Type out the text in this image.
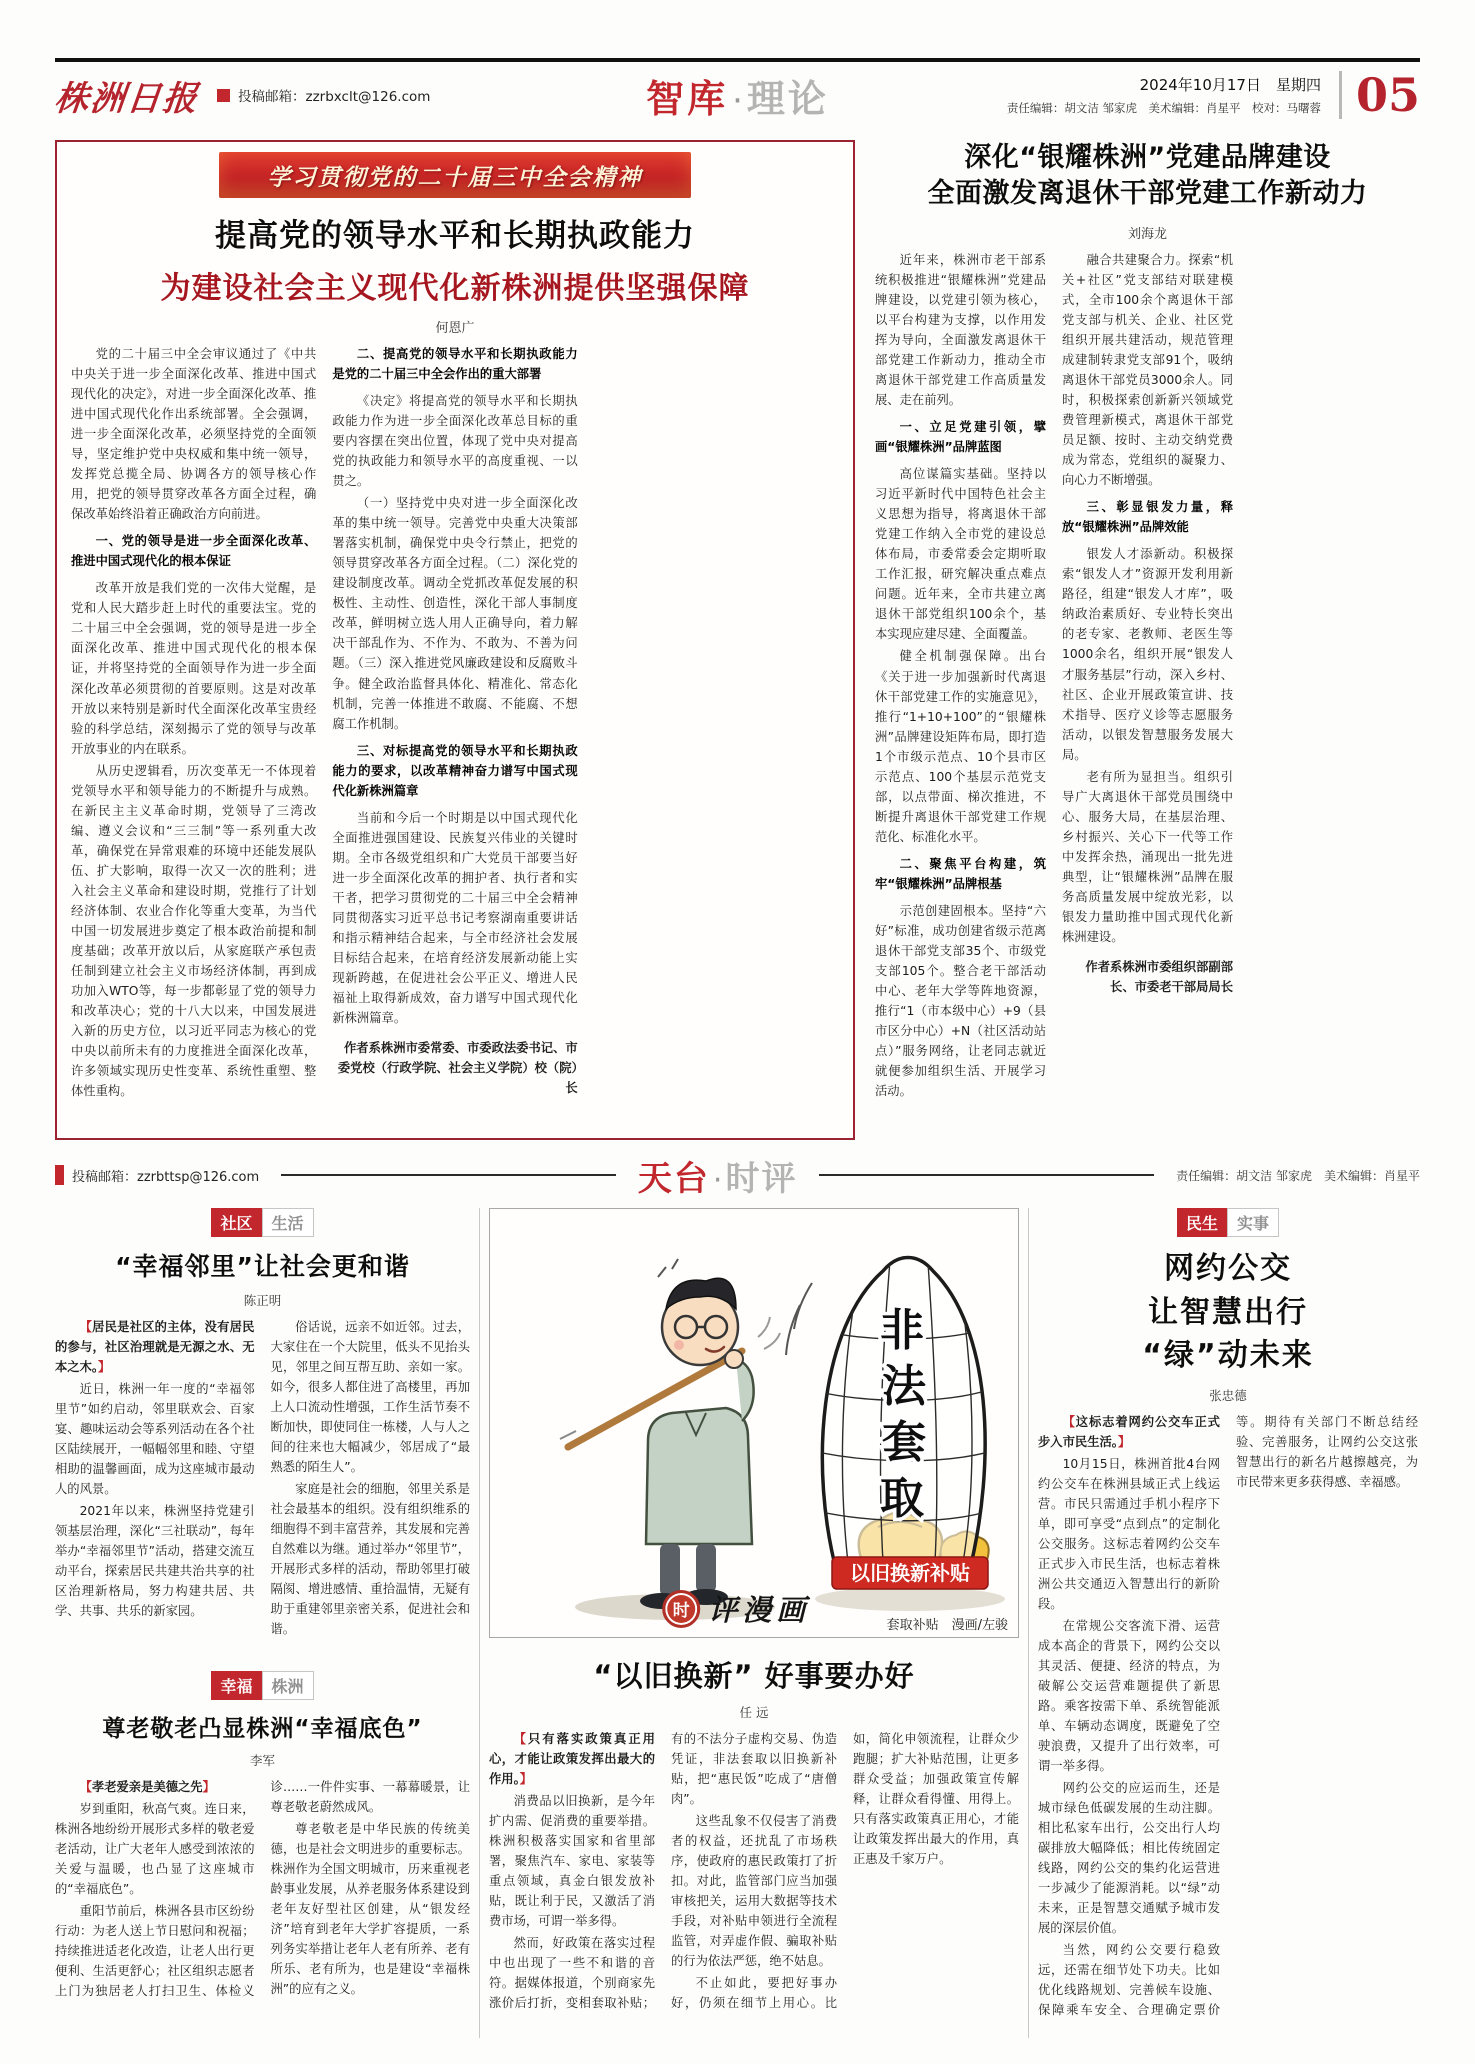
株洲日报	投稿邮箱：zzrbxclt@126.com	智库 · 理论	2024年10月17日　星期四
责任编辑：胡文洁 邹家虎　美术编辑：肖星平　校对：马曙蓉 05
学习贯彻党的二十届三中全会精神
提高党的领导水平和长期执政能力
为建设社会主义现代化新株洲提供坚强保障
何恩广

党的二十届三中全会审议通过了《中共中央关于进一步全面深化改革、推进中国式现代化的决定》，对进一步全面深化改革、推进中国式现代化作出系统部署。全会强调，进一步全面深化改革，必须坚持党的全面领导，坚定维护党中央权威和集中统一领导，发挥党总揽全局、协调各方的领导核心作用，把党的领导贯穿改革各方面全过程，确保改革始终沿着正确政治方向前进。

一、党的领导是进一步全面深化改革、推进中国式现代化的根本保证

改革开放是我们党的一次伟大觉醒，是党和人民大踏步赶上时代的重要法宝。党的二十届三中全会强调，党的领导是进一步全面深化改革、推进中国式现代化的根本保证，并将坚持党的全面领导作为进一步全面深化改革必须贯彻的首要原则。这是对改革开放以来特别是新时代全面深化改革宝贵经验的科学总结，深刻揭示了党的领导与改革开放事业的内在联系。

从历史逻辑看，历次变革无一不体现着党领导水平和领导能力的不断提升与成熟。在新民主主义革命时期，党领导了三湾改编、遵义会议和“三三制”等一系列重大改革，确保党在异常艰难的环境中还能发展队伍、扩大影响，取得一次又一次的胜利；进入社会主义革命和建设时期，党推行了计划经济体制、农业合作化等重大变革，为当代中国一切发展进步奠定了根本政治前提和制度基础；改革开放以后，从家庭联产承包责任制到建立社会主义市场经济体制，再到成功加入WTO等，每一步都彰显了党的领导力和改革决心；党的十八大以来，中国发展进入新的历史方位，以习近平同志为核心的党中央以前所未有的力度推进全面深化改革，许多领域实现历史性变革、系统性重塑、整体性重构。

二、提高党的领导水平和长期执政能力是党的二十届三中全会作出的重大部署

《决定》将提高党的领导水平和长期执政能力作为进一步全面深化改革总目标的重要内容摆在突出位置，体现了党中央对提高党的执政能力和领导水平的高度重视、一以贯之。

（一）坚持党中央对进一步全面深化改革的集中统一领导。完善党中央重大决策部署落实机制，确保党中央令行禁止，把党的领导贯穿改革各方面全过程。（二）深化党的建设制度改革。调动全党抓改革促发展的积极性、主动性、创造性，深化干部人事制度改革，鲜明树立选人用人正确导向，着力解决干部乱作为、不作为、不敢为、不善为问题。（三）深入推进党风廉政建设和反腐败斗争。健全政治监督具体化、精准化、常态化机制，完善一体推进不敢腐、不能腐、不想腐工作机制。

三、对标提高党的领导水平和长期执政能力的要求，以改革精神奋力谱写中国式现代化新株洲篇章

当前和今后一个时期是以中国式现代化全面推进强国建设、民族复兴伟业的关键时期。全市各级党组织和广大党员干部要当好进一步全面深化改革的拥护者、执行者和实干者，把学习贯彻党的二十届三中全会精神同贯彻落实习近平总书记考察湖南重要讲话和指示精神结合起来，与全市经济社会发展目标结合起来，在培育经济发展新动能上实现新跨越，在促进社会公平正义、增进人民福祉上取得新成效，奋力谱写中国式现代化新株洲篇章。

作者系株洲市委常委、市委政法委书记、市委党校（行政学院、社会主义学院）校（院）长

深化“银耀株洲”党建品牌建设
全面激发离退休干部党建工作新动力
刘海龙

近年来，株洲市老干部系统积极推进“银耀株洲”党建品牌建设，以党建引领为核心，以平台构建为支撑，以作用发挥为导向，全面激发离退休干部党建工作新动力，推动全市离退休干部党建工作高质量发展、走在前列。

一、立足党建引领，擘画“银耀株洲”品牌蓝图

高位谋篇实基础。坚持以习近平新时代中国特色社会主义思想为指导，将离退休干部党建工作纳入全市党的建设总体布局，市委常委会定期听取工作汇报，研究解决重点难点问题。近年来，全市共建立离退休干部党组织100余个，基本实现应建尽建、全面覆盖。

健全机制强保障。出台《关于进一步加强新时代离退休干部党建工作的实施意见》，推行“1+10+100”的“银耀株洲”品牌建设矩阵布局，即打造1个市级示范点、10个县市区示范点、100个基层示范党支部，以点带面、梯次推进，不断提升离退休干部党建工作规范化、标准化水平。

二、聚焦平台构建，筑牢“银耀株洲”品牌根基

示范创建固根本。坚持“六好”标准，成功创建省级示范离退休干部党支部35个、市级党支部105个。整合老干部活动中心、老年大学等阵地资源，推行“1（市本级中心）+9（县市区分中心）+N（社区活动站点）”服务网络，让老同志就近就便参加组织生活、开展学习活动。

融合共建聚合力。探索“机关+社区”党支部结对联建模式，全市100余个离退休干部党支部与机关、企业、社区党组织开展共建活动，规范管理成建制转隶党支部91个，吸纳离退休干部党员3000余人。同时，积极探索创新新兴领域党费管理新模式，离退休干部党员足额、按时、主动交纳党费成为常态，党组织的凝聚力、向心力不断增强。

三、彰显银发力量，释放“银耀株洲”品牌效能

银发人才添新动。积极探索“银发人才”资源开发利用新路径，组建“银发人才库”，吸纳政治素质好、专业特长突出的老专家、老教师、老医生等1000余名，组织开展“银发人才服务基层”行动，深入乡村、社区、企业开展政策宣讲、技术指导、医疗义诊等志愿服务活动，以银发智慧服务发展大局。

老有所为显担当。组织引导广大离退休干部党员围绕中心、服务大局，在基层治理、乡村振兴、关心下一代等工作中发挥余热，涌现出一批先进典型，让“银耀株洲”品牌在服务高质量发展中绽放光彩，以银发力量助推中国式现代化新株洲建设。

作者系株洲市委组织部副部长、市委老干部局局长

投稿邮箱：zzrbttsp@126.com	天台 ·时评	责任编辑：胡文洁 邹家虎　美术编辑：肖星平
社区 生活
“幸福邻里”让社会更和谐
陈正明

【 居民是社区的主体，没有居民的参与，社区治理就是无源之水、无本之木。 】

近日，株洲一年一度的“幸福邻里节”如约启动，邻里联欢会、百家宴、趣味运动会等系列活动在各个社区陆续展开，一幅幅邻里和睦、守望相助的温馨画面，成为这座城市最动人的风景。

2021年以来，株洲坚持党建引领基层治理，深化“三社联动”，每年举办“幸福邻里节”活动，搭建交流互动平台，探索居民共建共治共享的社区治理新格局，努力构建共居、共学、共事、共乐的新家园。

俗话说，远亲不如近邻。过去，大家住在一个大院里，低头不见抬头见，邻里之间互帮互助、亲如一家。如今，很多人都住进了高楼里，再加上人口流动性增强，工作生活节奏不断加快，即使同住一栋楼，人与人之间的往来也大幅减少，邻居成了“最熟悉的陌生人”。

家庭是社会的细胞，邻里关系是社会最基本的组织。没有组织维系的细胞得不到丰富营养，其发展和完善自然难以为继。通过举办“邻里节”，开展形式多样的活动，帮助邻里打破隔阂、增进感情、重拾温情，无疑有助于重建邻里亲密关系，促进社会和谐。

幸福 株洲
尊老敬老凸显株洲“幸福底色”
李军

【 孝老爱亲是美德之先 】

岁到重阳，秋高气爽。连日来，株洲各地纷纷开展形式多样的敬老爱老活动，让广大老年人感受到浓浓的关爱与温暖，也凸显了这座城市的“幸福底色”。

重阳节前后，株洲各县市区纷纷行动：为老人送上节日慰问和祝福；持续推进适老化改造，让老人出行更便利、生活更舒心；社区组织志愿者上门为独居老人打扫卫生、体检义诊……一件件实事、一幕幕暖景，让尊老敬老蔚然成风。

尊老敬老是中华民族的传统美德，也是社会文明进步的重要标志。株洲作为全国文明城市，历来重视老龄事业发展，从养老服务体系建设到老年友好型社区创建，从“银发经济”培育到老年大学扩容提质，一系列务实举措让老年人老有所养、老有所乐、老有所为，也是建设“幸福株洲”的应有之义。

非
法
套
取
以旧换新补贴
套取补贴　漫画/左骏
时 评漫画
“以旧换新” 好事要办好
任 远

【 只有落实政策真正用心，才能让政策发挥出最大的作用。 】

消费品以旧换新，是今年扩内需、促消费的重要举措。株洲积极落实国家和省里部署，聚焦汽车、家电、家装等重点领域，真金白银发放补贴，既让利于民，又激活了消费市场，可谓一举多得。

然而，好政策在落实过程中也出现了一些不和谐的音符。据媒体报道，个别商家先涨价后打折，变相套取补贴；有的不法分子虚构交易、伪造凭证，非法套取以旧换新补贴，把“惠民饭”吃成了“唐僧肉”。

这些乱象不仅侵害了消费者的权益，还扰乱了市场秩序，使政府的惠民政策打了折扣。对此，监管部门应当加强审核把关，运用大数据等技术手段，对补贴申领进行全流程监管，对弄虚作假、骗取补贴的行为依法严惩，绝不姑息。

不止如此，要把好事办好，仍须在细节上用心。比如，简化申领流程，让群众少跑腿；扩大补贴范围，让更多群众受益；加强政策宣传解释，让群众看得懂、用得上。只有落实政策真正用心，才能让政策发挥出最大的作用，真正惠及千家万户。

民生 实事
网约公交
让智慧出行
“绿”动未来
张忠德

【 这标志着网约公交车正式步入市民生活。 】

10月15日，株洲首批4台网约公交车在株洲县域正式上线运营。市民只需通过手机小程序下单，即可享受“点到点”的定制化公交服务。这标志着网约公交车正式步入市民生活，也标志着株洲公共交通迈入智慧出行的新阶段。

在常规公交客流下滑、运营成本高企的背景下，网约公交以其灵活、便捷、经济的特点，为破解公交运营难题提供了新思路。乘客按需下单、系统智能派单、车辆动态调度，既避免了空驶浪费，又提升了出行效率，可谓一举多得。

网约公交的应运而生，还是城市绿色低碳发展的生动注脚。相比私家车出行，公交出行人均碳排放大幅降低；相比传统固定线路，网约公交的集约化运营进一步减少了能源消耗。以“绿”动未来，正是智慧交通赋予城市发展的深层价值。

当然，网约公交要行稳致远，还需在细节处下功夫。比如优化线路规划、完善候车设施、保障乘车安全、合理确定票价等。期待有关部门不断总结经验、完善服务，让网约公交这张智慧出行的新名片越擦越亮，为市民带来更多获得感、幸福感。
